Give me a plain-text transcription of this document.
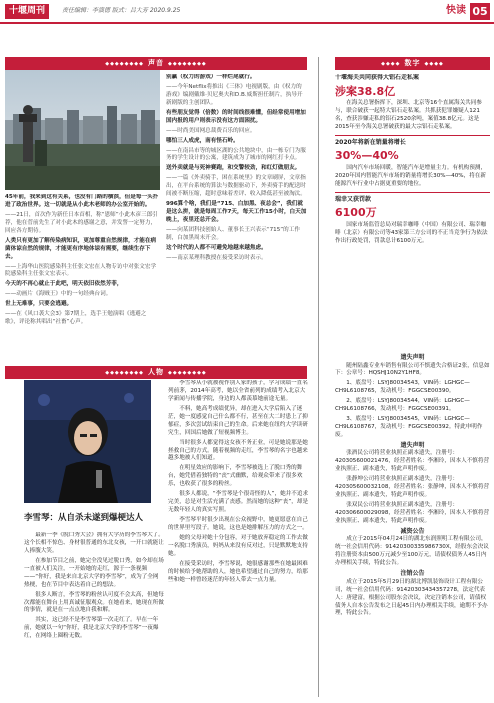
十堰周刊	责任编辑：李演德 版式：吕大芳 2020.9.25	快读 05
◆◆◆◆◆◆◆◆ 声音 ◆◆◆◆◆◆◆◆	◆◆◆◆ 数字 ◆◆◆◆

45年前，我来到这有关系，也没有门路的横滨，但是每一头扑进了政治世界。这一切就是从小此木老师的办公室开始的。

——21日，首次作为新任日本首相，称“恩师”小此木彦三郎引荐，他在菅前先生了对小此木的感谢之意，并发誓一定努力，回应各方期待。

人类只有更加了解传染病知识，更加尊重自然规律，才能在病菌体谅自然的规律，才能更有序地体谅有需要，继续生存下去。

——上海华山医院感染科主任张文宏在人物专访中对张文宏学院感染科主任张文宏表示。

今天的不再心就止于此吧，明天依旧依然芳菲，

——动画片《海贼王》中的一句经典台词。

世上无难事，只要会逃避。

——在《风口袭大会3》第7期上，选手王勉演唱《逃避之歌》，评论称其唱出“社畜”心声。

别赢（权力的游戏）一样烂尾就行。

——今年Netflix将推出《三体》电视剧版，由《权力的游戏》编剧戴维·贝尼奥夫和D.B.威斯担任制片，执导开新剧版的主创团队。

有些朋友觉得（倍数）的时间线很难懂，但经常使用增加国内报的用户则表示没有这方面困扰。

——时尚美国网总裁费百乐的回应。

哪怕三人成虎，南有怪石岭。

——在南昌市等的城区湖的公共地块中，由一栋专门为服务的学生设计的公寓，建筑成为了城市的网红打卡点。

送外卖就是与死神赛跑，和交警较劲，和红灯做朋友。

——一篇《外卖骑手，困在系统里》的文章刷屏，文章指出，在平台系统的算法与数据驱动下，外卖骑手的配送时间被不断压缩，超时意味着差评、收入降低甚至被淘汰。

996算个啥，我们是“715、白加黑、夜总会”，我们就是这么拼，就是每周工作7天，每天工作15小时，白天加晚上，夜里还总开会。

——向某团科技创始人、董事长王兴表示“715”的工作制，白加黑周末开会。

这个时代的人都不可避免地越来越焦虑。

——南京某理科教授在接受采访时表示。

◆◆◆◆◆◆◆◆ 人物 ◆◆◆◆◆◆◆◆
李雪琴：从自杀未遂到爆梗达人

最新一季《脱口秀大会》拥有大学历的李雪琴大了。这个长相不惊色、身材很普通的东北女孩，一开口就能让人捧腹大笑。

在参加节目之前，她完全没见过脱口秀，如今却在场一直被人们关注，一开始她的走红，源于一条视频——“你好，我是来自北京大学的李雪琴”，成为了全网热梗，也在节目中表达着自己的想法。

很多人断言，李雪琴的粉丝认可度不会太高，但她每次都能在舞台上用真诚征服观众。在她看来，她现在所做的事情，就是在一点点地自我和解。

其实，这已经不是李雪琴第一次走红了。早在一年前，她就以一句“你好，我是北京大学的李雪琴”一夜爆红，在网络上圈粉无数。

李雪琴从小就被视作别人家的孩子，学习成绩一直名列前茅，2014年高考，她以全省前列的成绩考入北京大学新闻与传播学院，身边的人都羡慕她前途无量。

不料，她高考成绩优异，却在进入大学后陷入了迷茫，她一度感觉自己什么都不行，甚至在大二时患上了抑郁症，多次尝试结束自己的生命。后来她在纽约大学读研究生，回国后她做了短视频博主。

当时很多人都觉得这女孩不务正业，可是她说那是她拯救自己的方式。随着视频的走红，李雪琴的名字也越来越多地被人们知道。

在明星效应的影响下，李雪琴被选上了脱口秀的舞台，她凭借着独特的“丧”式幽默，给观众带来了很多欢乐，也收获了很多的粉丝。

很多人都说，“李雪琴是个很奇怪的人”，她并不追求完美，总是对生活充满了丧感。然而她的这种“丧”，却是无数年轻人的真实写照。

李雪琴平时很少出现在公众视野中，她更愿意在自己的世界里写段子。她说，这也是她排解压力的方式之一。

她的父母对她十分包容，对于她放弃稳定的工作去做一名脱口秀演员，妈妈从来没有反对过，只是默默地支持她。

在接受采访时，李雪琴说，她很感谢那些在她最困难的时候给予她帮助的人，她也希望通过自己的努力，给那些和她一样曾经迷茫的年轻人带去一点力量。

十堰海关共同获得大铝石走私案
涉案38.8亿

在海关总署指挥下，深圳、北京等16个直属海关共同参与，联合破获一起特大铝石走私案。共抓获犯罪嫌疑人121名，查获涉嫌走私的铝石2520余吨，案值38.8亿元。这是2015年至今海关总署破获的最大宗铝石走私案。

2020年将新在销量将增长
30%—40%

国内汽车市场回暖，智能汽车是增量主力。有机构预测，2020年国内智能汽车市场的销量将增长30%—40%，将在新能源汽车行业中占据更重要的地位。

瑞幸又获罚款
6100万

国家市场监管总局对瑞幸咖啡（中国）有限公司、瑞幸咖啡（北京）有限公司等43家第三方公司的不正当竞争行为依法作出行政处罚，罚款总计6100万元。

遗失声明

随州陆鑫专业车销售有限公司不慎遗失合格证2张，信息如下：公章号：HQSHJ10N2Y1HF8。

1、底盘号：LSYJ80034543，VIN码：LGHGC—CH9L6108765，发动机号：FGGCSE00390。

2、底盘号：LSYJ80034544，VIN码：LGHGC—CH9L6108766，发动机号：FGGCSE00391。

3、底盘号：LSYJ80034545，VIN码：LGHGC—CH9L6108767，发动机号：FGGCSE00392。特此申明作废。

遗失声明

张酒民公司将营业执照正副本遗失，注册号：420305600021476，经营者姓名：李湘玲，因本人不慎将营业执照正、副本遗失，特此声明作废。

张静坤公司将营业执照正副本遗失，注册号：420305600032108，经营者姓名：张静坤，因本人不慎将营业执照正、副本遗失，特此声明作废。

张双民公司将营业执照正副本遗失，注册号：420306600029098，经营者姓名：李湘玲，因本人不慎将营业执照正、副本遗失，特此声明作废。

减资公告

成立于2015年04月24日的湖北东润照明工程有限公司，统一社会信用代码：91420300335986730X，经股东会决议将注册资本由500万元减少至100万元，请债权债务人45日内办理相关手续，特此公告。

注销公告

成立于2015年5月29日的湖北博凯装饰设计工程有限公司，统一社会信用代码：91420303434357278，法定代表人：唐建富，根据公司股东会决议，决定注销本公司，请债权债务人自本公告发布之日起45日内办理相关手续，逾期不予办理，特此公告。
